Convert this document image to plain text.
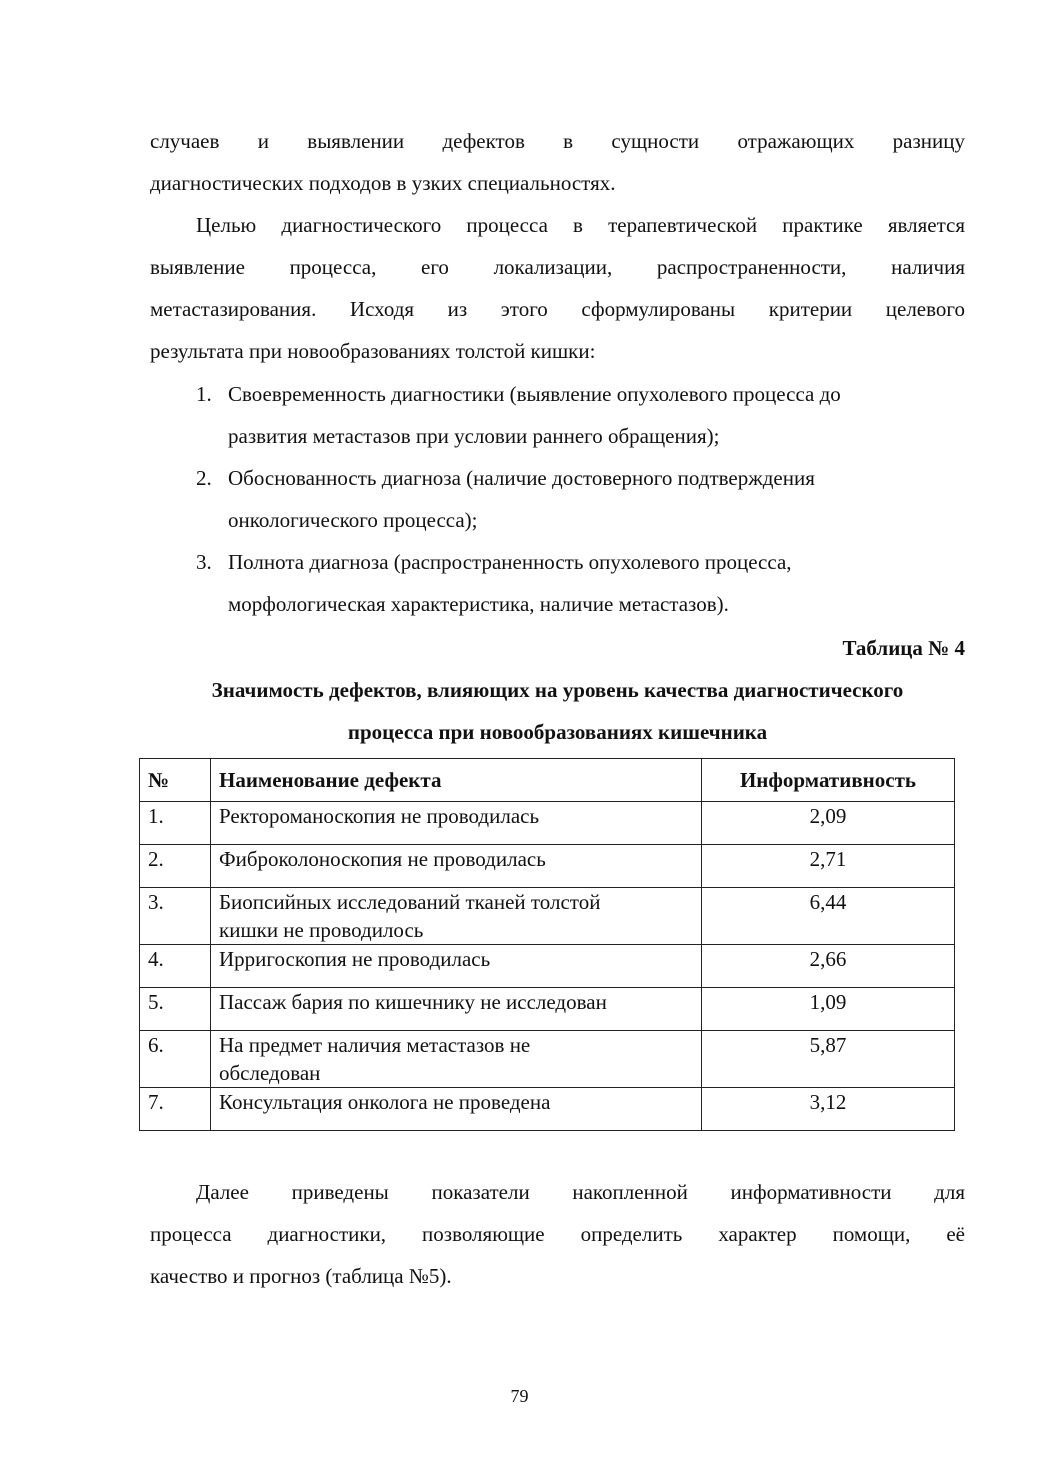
случаев и выявлении дефектов в сущности отражающих разницу
диагностических подходов в узких специальностях.

Целью диагностического процесса в терапевтической практике является
выявление процесса, его локализации, распространенности, наличия
метастазирования. Исходя из этого сформулированы критерии целевого
результата при новообразованиях толстой кишки:

1. Своевременность диагностики (выявление опухолевого процесса до
развития метастазов при условии раннего обращения);
2. Обоснованность диагноза (наличие достоверного подтверждения
онкологического процесса);
3. Полнота диагноза (распространенность опухолевого процесса,
морфологическая характеристика, наличие метастазов).

Таблица № 4

Значимость дефектов, влияющих на уровень качества диагностического
процесса при новообразованиях кишечника

№	Наименование дефекта	Информативность
1.	Ректороманоскопия не проводилась	2,09
2.	Фиброколоноскопия не проводилась	2,71
3.	Биопсийных исследований тканей толстой
кишки не проводилось	6,44
4.	Ирригоскопия не проводилась	2,66
5.	Пассаж бария по кишечнику не исследован	1,09
6.	На предмет наличия метастазов не
обследован	5,87
7.	Консультация онколога не проведена	3,12

Далее приведены показатели накопленной информативности для
процесса диагностики, позволяющие определить характер помощи, её
качество и прогноз (таблица №5).

79
